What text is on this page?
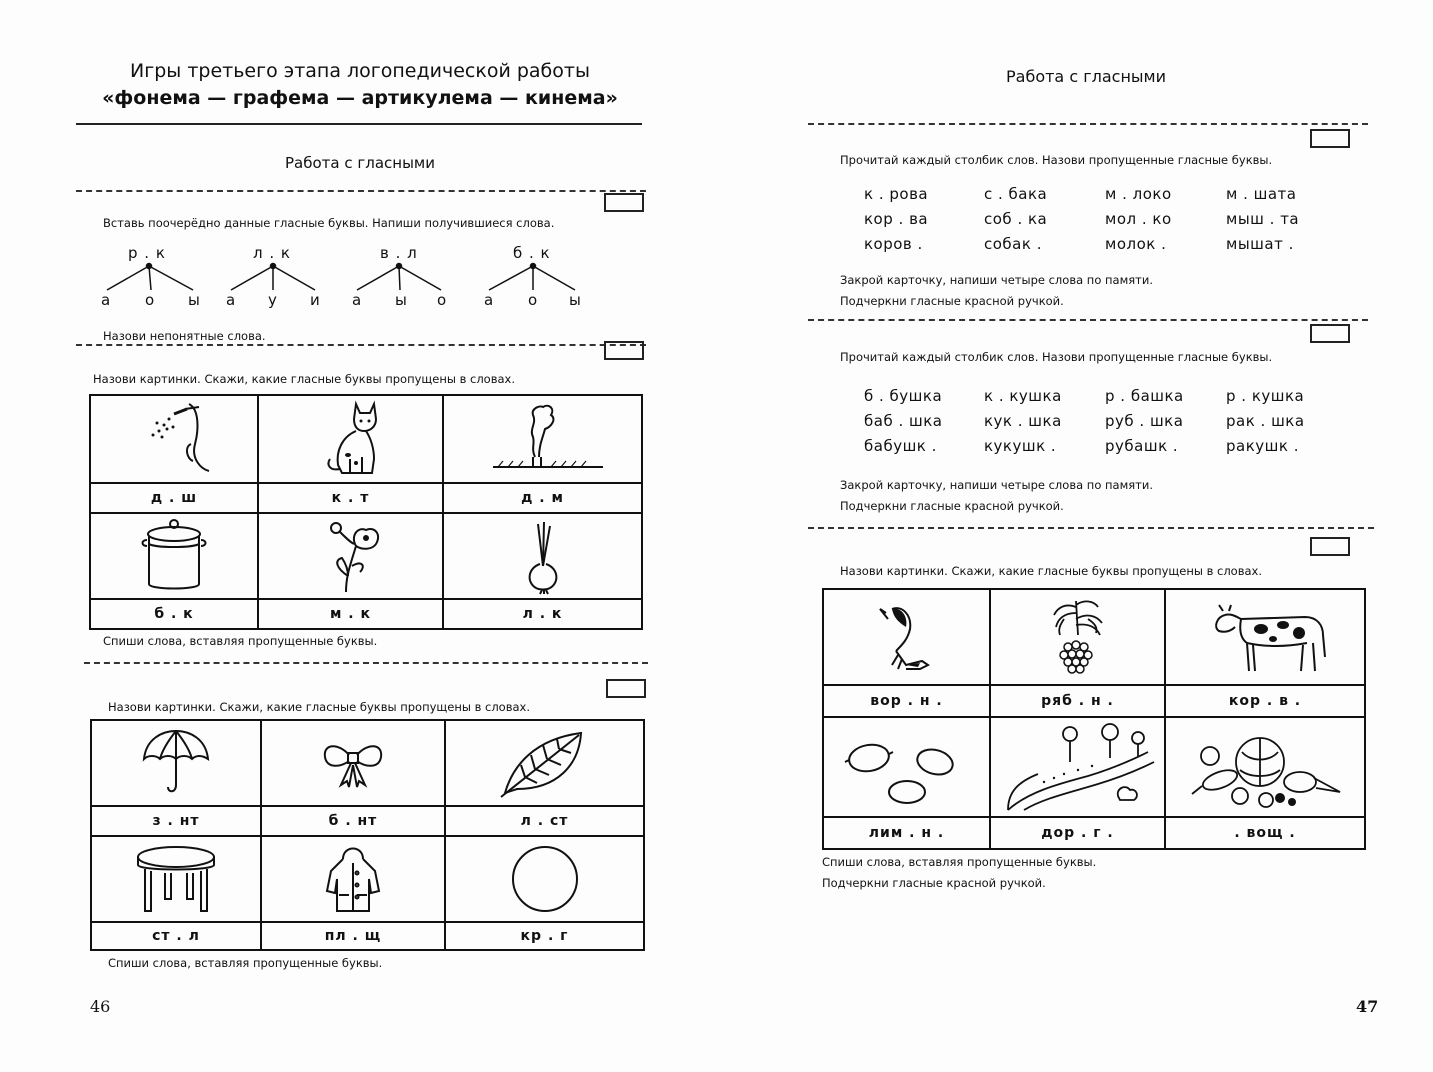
Игры третьего этапа логопедической работы
«фонема — графема — артикулема — кинема»
Работа с гласными
Вставь поочерёдно данные гласные буквы. Напиши получившиеся слова.
р . к	л . к	в . л	б . к
а о ы а у и а ы о а о ы
Назови непонятные слова.
Назови картинки. Скажи, какие гласные буквы пропущены в словах.
д . ш	к . т	д . м
б . к	м . к	л . к
Спиши слова, вставляя пропущенные буквы.
Назови картинки. Скажи, какие гласные буквы пропущены в словах.
з . нт	б . нт	л . ст
ст . л	пл . щ	кр . г
Спиши слова, вставляя пропущенные буквы.
46
Работа с гласными
Прочитай каждый столбик слов. Назови пропущенные гласные буквы.
к . рова	с . бака	м . локо	м . шата
кор . ва	соб . ка	мол . ко	мыш . та
коров .	собак .	молок .	мышат .
Закрой карточку, напиши четыре слова по памяти.
Подчеркни гласные красной ручкой.
Прочитай каждый столбик слов. Назови пропущенные гласные буквы.
б . бушка	к . кушка	р . башка	р . кушка
баб . шка	кук . шка	руб . шка	рак . шка
бабушк .	кукушк .	рубашк .	ракушк .
Закрой карточку, напиши четыре слова по памяти.
Подчеркни гласные красной ручкой.
Назови картинки. Скажи, какие гласные буквы пропущены в словах.
вор . н .	ряб . н .	кор . в .
лим . н .	дор . г .	. вощ .
Спиши слова, вставляя пропущенные буквы.
Подчеркни гласные красной ручкой.
47
